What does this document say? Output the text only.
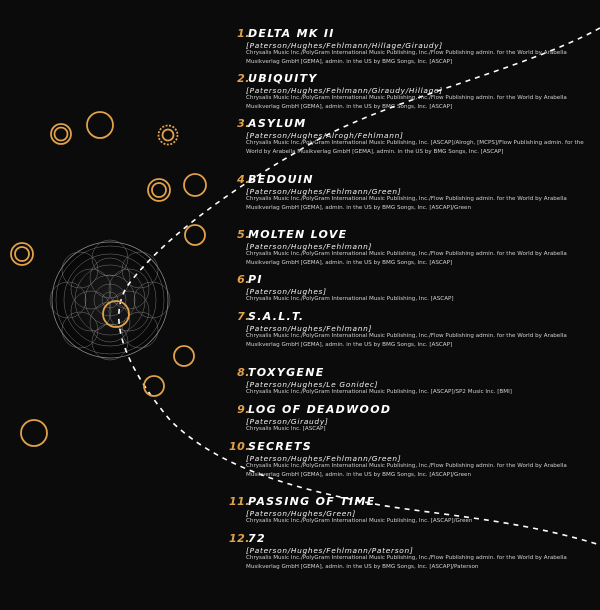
1.
DELTA MK II
[Paterson/Hughes/Fehlmann/Hillage/Giraudy]
Chrysalis Music Inc./PolyGram International Music Publishing, Inc./Flow Publishing admin. for the World by Arabella Musikverlag GmbH [GEMA], admin. in the US by BMG Songs, Inc. [ASCAP]
2.
UBIQUITY
[Paterson/Hughes/Fehlmann/Giraudy/Hillage]
Chrysalis Music Inc./PolyGram International Music Publishing, Inc./Flow Publishing admin. for the World by Arabella Musikverlag GmbH [GEMA], admin. in the US by BMG Songs, Inc. [ASCAP]
3.
ASYLUM
[Paterson/Hughes/Alrogh/Fehlmann]
Chrysalis Music Inc./PolyGram International Music Publishing, Inc. [ASCAP]/Alrogh, [MCPS]/Flow Publishing admin. for the World by Arabella Musikverlag GmbH [GEMA], admin. in the US by BMG Songs, Inc. [ASCAP]
4.
BEDOUIN
[Paterson/Hughes/Fehlmann/Green]
Chrysalis Music Inc./PolyGram International Music Publishing, Inc./Flow Publishing admin. for the World by Arabella Musikverlag GmbH [GEMA], admin. in the US by BMG Songs, Inc. [ASCAP]/Green
5.
MOLTEN LOVE
[Paterson/Hughes/Fehlmann]
Chrysalis Music Inc./PolyGram International Music Publishing, Inc./Flow Publishing admin. for the World by Arabella Musikverlag GmbH [GEMA], admin. in the US by BMG Songs, Inc. [ASCAP]
6.
PI
[Paterson/Hughes]
Chrysalis Music Inc./PolyGram International Music Publishing, Inc. [ASCAP]
7.
S.A.L.T.
[Paterson/Hughes/Fehlmann]
Chrysalis Music Inc./PolyGram International Music Publishing, Inc./Flow Publishing admin. for the World by Arabella Musikverlag GmbH [GEMA], admin. in the US by BMG Songs, Inc. [ASCAP]
8.
TOXYGENE
[Paterson/Hughes/Le Gonidec]
Chrysalis Music Inc./PolyGram International Music Publishing, Inc. [ASCAP]/SP2 Music Inc. [BMI]
9.
LOG OF DEADWOOD
[Paterson/Giraudy]
Chrysalis Music Inc. [ASCAP]
10.
SECRETS
[Paterson/Hughes/Fehlmann/Green]
Chrysalis Music Inc./PolyGram International Music Publishing, Inc./Flow Publishing admin. for the World by Arabella Musikverlag GmbH [GEMA], admin. in the US by BMG Songs, Inc. [ASCAP]/Green
11.
PASSING OF TIME
[Paterson/Hughes/Green]
Chrysalis Music Inc./PolyGram International Music Publishing, Inc. [ASCAP]/Green
12.
72
[Paterson/Hughes/Fehlmann/Paterson]
Chrysalis Music Inc./PolyGram International Music Publishing, Inc./Flow Publishing admin. for the World by Arabella Musikverlag GmbH [GEMA], admin. in the US by BMG Songs, Inc. [ASCAP]/Paterson
